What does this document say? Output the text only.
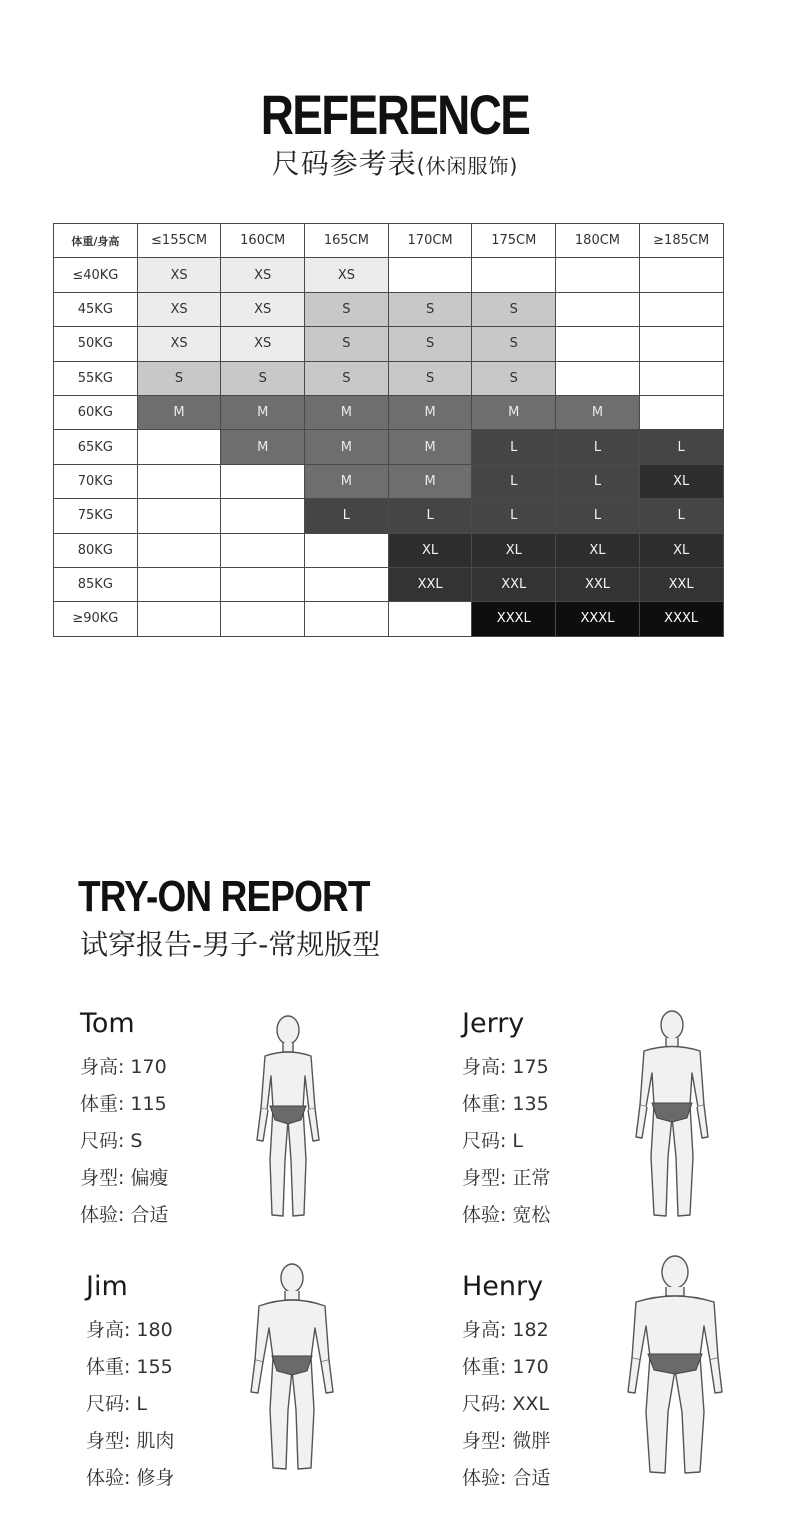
REFERENCE
尺码参考表(休闲服饰)
体重/身高	≤155CM	160CM	165CM	170CM	175CM	180CM	≥185CM
≤40KG	XS	XS	XS				
45KG	XS	XS	S	S	S		
50KG	XS	XS	S	S	S		
55KG	S	S	S	S	S		
60KG	M	M	M	M	M	M	
65KG		M	M	M	L	L	L
70KG			M	M	L	L	XL
75KG			L	L	L	L	L
80KG				XL	XL	XL	XL
85KG				XXL	XXL	XXL	XXL
≥90KG					XXXL	XXXL	XXXL
TRY-ON REPORT
试穿报告-男子-常规版型
Tom
身高: 170
体重: 115
尺码: S
身型: 偏瘦
体验: 合适
Jerry
身高: 175
体重: 135
尺码: L
身型: 正常
体验: 宽松
Jim
身高: 180
体重: 155
尺码: L
身型: 肌肉
体验: 修身
Henry
身高: 182
体重: 170
尺码: XXL
身型: 微胖
体验: 合适
